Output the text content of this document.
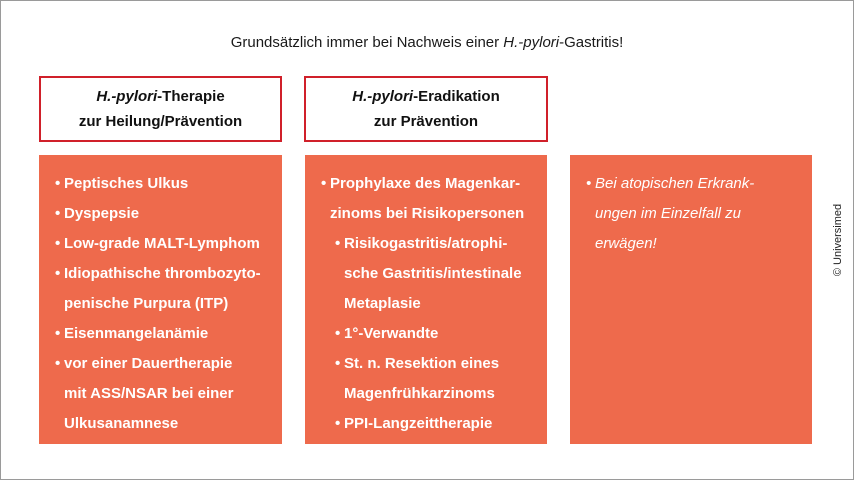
Grundsätzlich immer bei Nachweis einer H.-pylori-Gastritis!
© Universimed
H.-pylori-Therapie
zur Heilung/Prävention
H.-pylori-Eradikation
zur Prävention
• Peptisches Ulkus
• Dyspepsie
• Low-grade MALT-Lymphom
• Idiopathische thrombozyto-
penische Purpura (ITP)
• Eisenmangelanämie
• vor einer Dauertherapie
mit ASS/NSAR bei einer
Ulkusanamnese
• Prophylaxe des Magenkar-
zinoms bei Risikopersonen
• Risikogastritis/atrophi-
sche Gastritis/intestinale
Metaplasie
• 1°-Verwandte
• St. n. Resektion eines
Magenfrühkarzinoms
• PPI-Langzeittherapie
• Bei atopischen Erkrank-
ungen im Einzelfall zu
erwägen!
